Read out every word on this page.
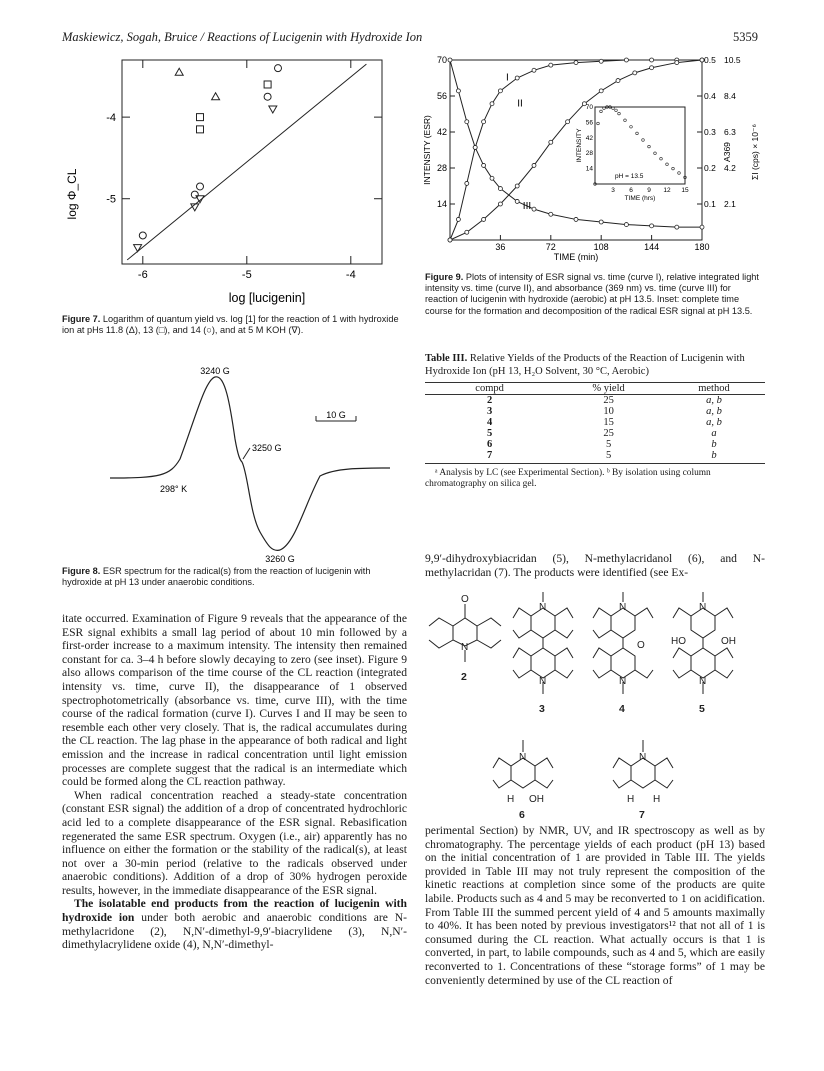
Maskiewicz, Sogah, Bruice / Reactions of Lucigenin with Hydroxide Ion	5359
-6	-5	-4
-4
-5
log Φ_CL
log [lucigenin]
Figure 7. Logarithm of quantum yield vs. log [1] for the reaction of 1 with hydroxide ion at pHs 11.8 (Δ), 13 (□), and 14 (○), and at 5 M KOH (∇).
10 G
3240 G
3250 G
298° K
3260 G
Figure 8. ESR spectrum for the radical(s) from the reaction of lucigenin with hydroxide at pH 13 under anaerobic conditions.

itate occurred. Examination of Figure 9 reveals that the appearance of the ESR signal exhibits a small lag period of about 10 min followed by a first-order increase to a maximum intensity. The intensity then remained constant for ca. 3–4 h before slowly decaying to zero (see inset). Figure 9 also allows comparison of the time course of the CL reaction (integrated intensity vs. time, curve II), the disappearance of 1 observed spectrophotometrically (absorbance vs. time, curve III), with the time course of the radical formation (curve I). Curves I and II may be seen to resemble each other very closely. That is, the radical accumulates during the CL reaction. The lag phase in the appearance of both radical and light emission and the increase in radical concentration until light emission processes are complete suggest that the radical is an intermediate which could be formed along the CL reaction pathway.

When radical concentration reached a steady-state concentration (constant ESR signal) the addition of a drop of concentrated hydrochloric acid led to a complete disappearance of the ESR signal. Rebasification regenerated the same ESR spectrum. Oxygen (i.e., air) apparently has no influence on either the formation or the stability of the radical(s), at least not over a 30-min period (relative to the radicals observed under anaerobic conditions). Addition of a drop of 30% hydrogen peroxide results, however, in the immediate disappearance of the ESR signal.

The isolatable end products from the reaction of lucigenin with hydroxide ion under both aerobic and anaerobic conditions are N-methylacridone (2), N,N′-dimethyl-9,9′-biacrylidene (3), N,N′-dimethylacrylidene oxide (4), N,N′-dimethyl-

36	72	108	144	180
TIME (min)
14
28
42
56
70
INTENSITY (ESR)
0.1 2.1
0.2 4.2
0.3 6.3
0.4 8.4
0.5 10.5
A369 ΣI (cps) × 10⁻⁶
I
II
III
3 6 9 12 15
TIME (hrs)
14
28
42
56
70
INTENSITY
pH = 13.5
Figure 9. Plots of intensity of ESR signal vs. time (curve I), relative integrated light intensity vs. time (curve II), and absorbance (369 nm) vs. time (curve III) for reaction of lucigenin with hydroxide (aerobic) at pH 13.5. Inset: complete time course for the formation and decomposition of the radical ESR signal at pH 13.5.
Table III. Relative Yields of the Products of the Reaction of Lucigenin with Hydroxide Ion (pH 13, H₂O Solvent, 30 °C, Aerobic)
compd	% yield	method
2	25	a, b
3	10	a, b
4	15	a, b
5	25	a
6	5	b
7	5	b
ᵃ Analysis by LC (see Experimental Section). ᵇ By isolation using column chromatography on silica gel.
9,9′-dihydroxybiacridan (5), N-methylacridanol (6), and N-methylacridan (7). The products were identified (see Ex-
O
N
N
N
N
O
N
N
HO	OH
N
N
H OH
N
H H
2
3	4	5
6	7
perimental Section) by NMR, UV, and IR spectroscopy as well as by chromatography. The percentage yields of each product (pH 13) based on the initial concentration of 1 are provided in Table III. The yields provided in Table III may not truly represent the composition of the kinetic reactions at completion since some of the products are quite labile. Products such as 4 and 5 may be reconverted to 1 on acidification. From Table III the summed percent yield of 4 and 5 amounts maximally to 40%. It has been noted by previous investigators¹² that not all of 1 is consumed during the CL reaction. What actually occurs is that 1 is converted, in part, to labile compounds, such as 4 and 5, which are easily reconverted to 1. Concentrations of these “storage forms” of 1 may be conveniently determined by use of the CL reaction of
